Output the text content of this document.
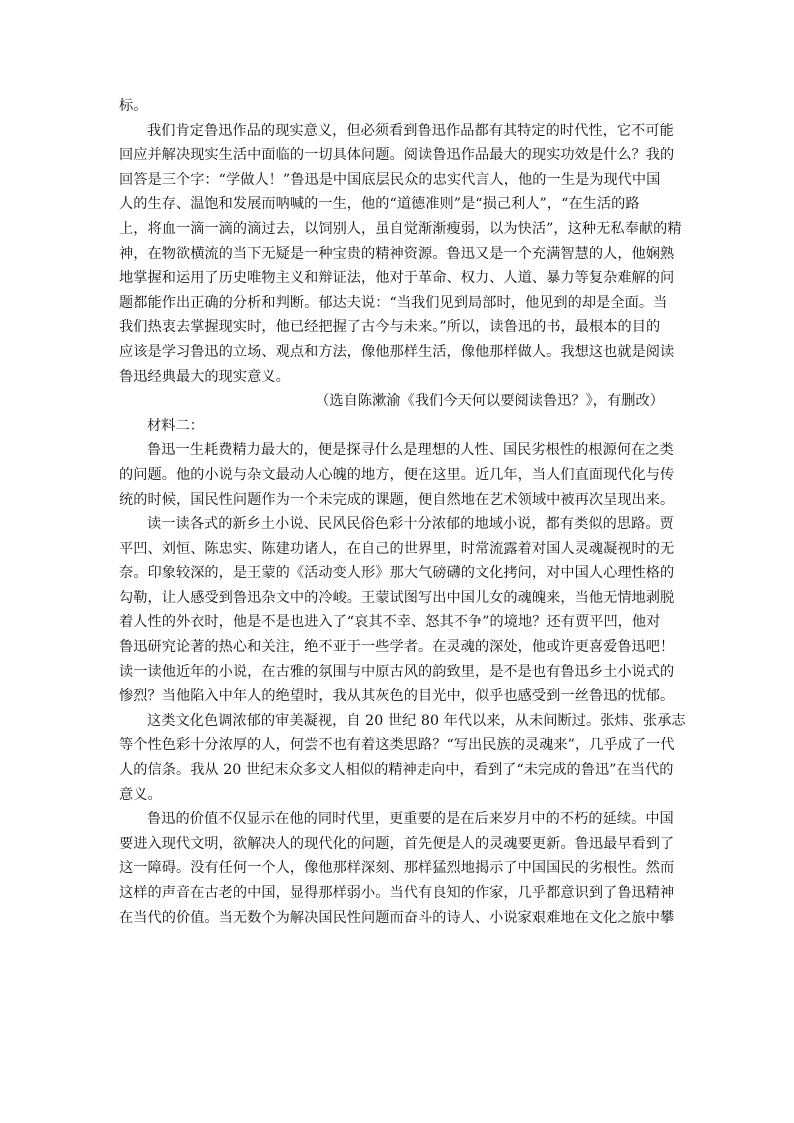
标。
我们肯定鲁迅作品的现实意义，但必须看到鲁迅作品都有其特定的时代性，它不可能
回应并解决现实生活中面临的一切具体问题。阅读鲁迅作品最大的现实功效是什么？我的
回答是三个字：“学做人！”鲁迅是中国底层民众的忠实代言人，他的一生是为现代中国
人的生存、温饱和发展而呐喊的一生，他的“道德准则”是“损己利人”，“在生活的路
上，将血一滴一滴的滴过去，以饲别人，虽自觉渐渐瘦弱，以为快活”，这种无私奉献的精
神，在物欲横流的当下无疑是一种宝贵的精神资源。鲁迅又是一个充满智慧的人，他娴熟
地掌握和运用了历史唯物主义和辩证法，他对于革命、权力、人道、暴力等复杂难解的问
题都能作出正确的分析和判断。郁达夫说：“当我们见到局部时，他见到的却是全面。当
我们热衷去掌握现实时，他已经把握了古今与未来。”所以，读鲁迅的书，最根本的目的
应该是学习鲁迅的立场、观点和方法，像他那样生活，像他那样做人。我想这也就是阅读
鲁迅经典最大的现实意义。
（选自陈漱渝《我们今天何以要阅读鲁迅？》，有删改）
材料二：
鲁迅一生耗费精力最大的，便是探寻什么是理想的人性、国民劣根性的根源何在之类
的问题。他的小说与杂文最动人心魄的地方，便在这里。近几年，当人们直面现代化与传
统的时候，国民性问题作为一个未完成的课题，便自然地在艺术领域中被再次呈现出来。
读一读各式的新乡土小说、民风民俗色彩十分浓郁的地域小说，都有类似的思路。贾
平凹、刘恒、陈忠实、陈建功诸人，在自己的世界里，时常流露着对国人灵魂凝视时的无
奈。印象较深的，是王蒙的《活动变人形》那大气磅礴的文化拷问，对中国人心理性格的
勾勒，让人感受到鲁迅杂文中的冷峻。王蒙试图写出中国儿女的魂魄来，当他无情地剥脱
着人性的外衣时，他是不是也进入了“哀其不幸、怒其不争”的境地？还有贾平凹，他对
鲁迅研究论著的热心和关注，绝不亚于一些学者。在灵魂的深处，他或许更喜爱鲁迅吧！
读一读他近年的小说，在古雅的氛围与中原古风的韵致里，是不是也有鲁迅乡土小说式的
惨烈？当他陷入中年人的绝望时，我从其灰色的目光中，似乎也感受到一丝鲁迅的忧郁。
这类文化色调浓郁的审美凝视，自 20 世纪 80 年代以来，从未间断过。张炜、张承志
等个性色彩十分浓厚的人，何尝不也有着这类思路？“写出民族的灵魂来”，几乎成了一代
人的信条。我从 20 世纪末众多文人相似的精神走向中，看到了“未完成的鲁迅”在当代的
意义。
鲁迅的价值不仅显示在他的同时代里，更重要的是在后来岁月中的不朽的延续。中国
要进入现代文明，欲解决人的现代化的问题，首先便是人的灵魂要更新。鲁迅最早看到了
这一障碍。没有任何一个人，像他那样深刻、那样猛烈地揭示了中国国民的劣根性。然而
这样的声音在古老的中国，显得那样弱小。当代有良知的作家，几乎都意识到了鲁迅精神
在当代的价值。当无数个为解决国民性问题而奋斗的诗人、小说家艰难地在文化之旅中攀
